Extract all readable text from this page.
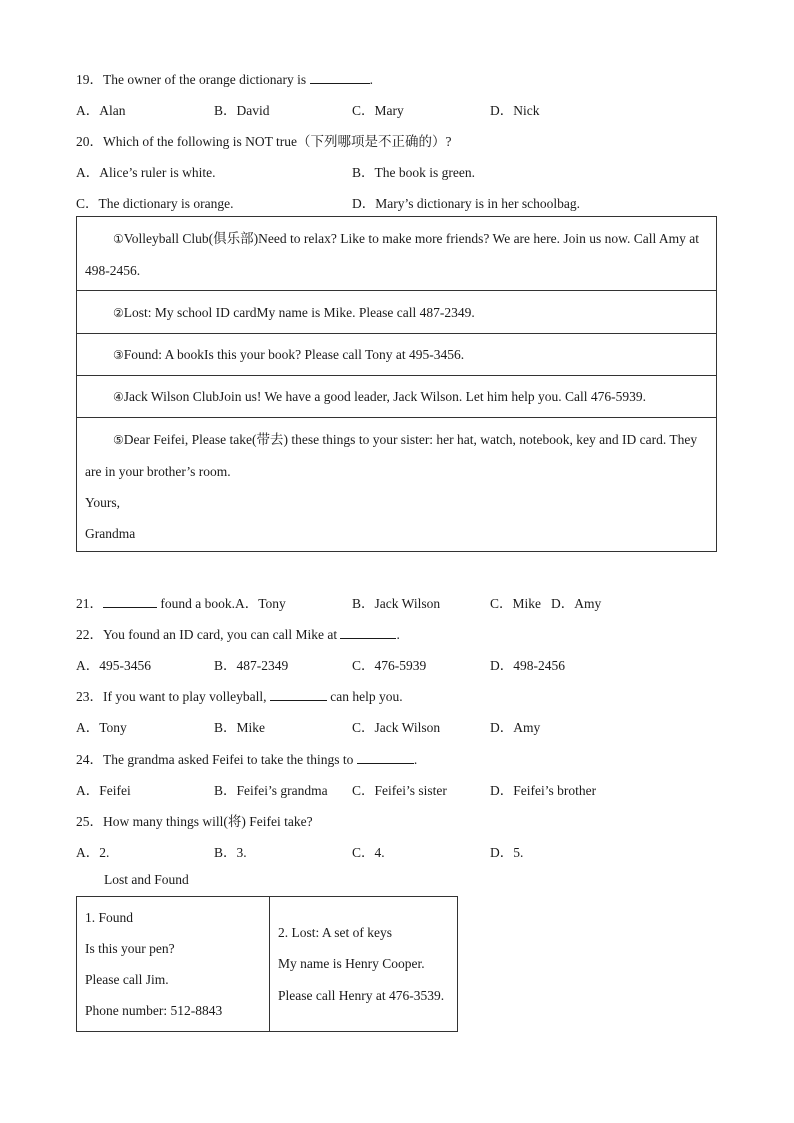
19．The owner of the orange dictionary is	.
A．Alan	B．David	C．Mary	D．Nick
20．Which of the following is NOT true（下列哪项是不正确的）?
A．Alice’s ruler is white.	B．The book is green.
C．The dictionary is orange.	D．Mary’s dictionary is in her schoolbag.
①Volleyball Club(俱乐部)Need to relax? Like to make more friends? We are here. Join us now. Call Amy at 498-2456.
②Lost: My school ID cardMy name is Mike. Please call 487-2349.
③Found: A bookIs this your book? Please call Tony at 495-3456.
④Jack Wilson ClubJoin us! We have a good leader, Jack Wilson. Let him help you. Call 476-5939.
⑤Dear Feifei, Please take(带去) these things to your sister: her hat, watch, notebook, key and ID card. They are in your brother’s room.
Yours,
Grandma
21．	found a book.A．Tony	B．Jack Wilson	C．Mike D．Amy
22．You found an ID card, you can call Mike at	.
A．495-3456	B．487-2349	C．476-5939	D．498-2456
23．If you want to play volleyball,	can help you.
A．Tony	B．Mike	C．Jack Wilson	D．Amy
24．The grandma asked Feifei to take the things to	.
A．Feifei	B．Feifei’s grandma C．Feifei’s sister	D．Feifei’s brother
25．How many things will(将) Feifei take?
A．2.	B．3.	C．4.	D．5.
Lost and Found
1. Found
Is this your pen?
Please call Jim.
Phone number: 512-8843
2. Lost: A set of keys
My name is Henry Cooper.
Please call Henry at 476-3539.
